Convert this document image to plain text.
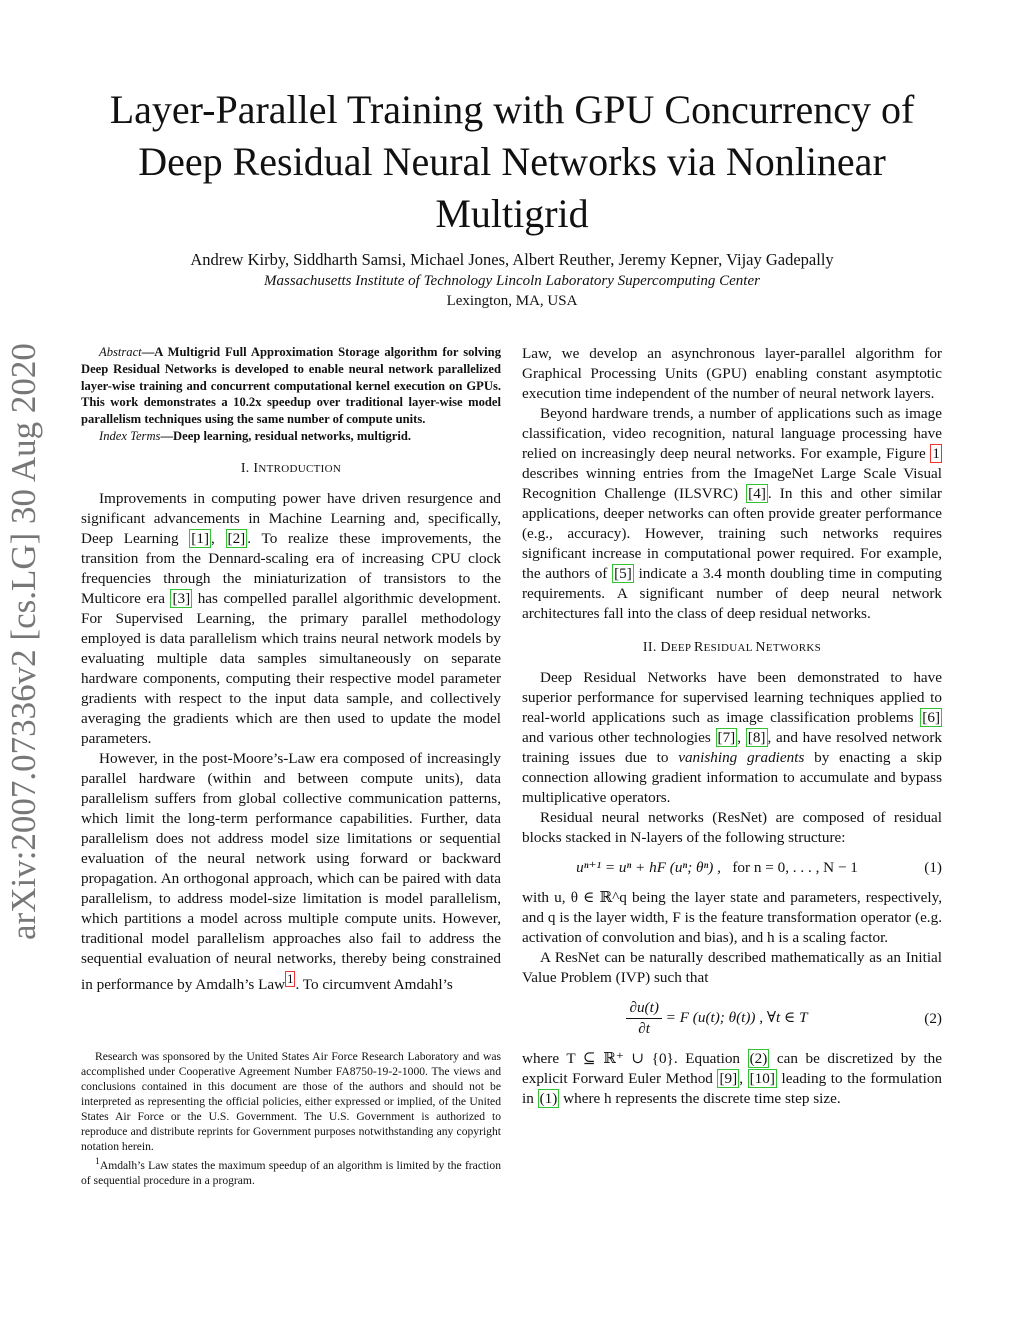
Layer-Parallel Training with GPU Concurrency of
Deep Residual Neural Networks via Nonlinear
Multigrid
Andrew Kirby, Siddharth Samsi, Michael Jones, Albert Reuther, Jeremy Kepner, Vijay Gadepally
Massachusetts Institute of Technology Lincoln Laboratory Supercomputing Center
Lexington, MA, USA
arXiv:2007.07336v2 [cs.LG] 30 Aug 2020	Abstract—A Multigrid Full Approximation Storage algorithm for solving Deep Residual Networks is developed to enable neural network parallelized layer-wise training and concurrent computational kernel execution on GPUs. This work demonstrates a 10.2x speedup over traditional layer-wise model parallelism techniques using the same number of compute units.

Index Terms—Deep learning, residual networks, multigrid.

I. INTRODUCTION

Improvements in computing power have driven resurgence and significant advancements in Machine Learning and, specifically, Deep Learning [1] , [2] . To realize these improvements, the transition from the Dennard-scaling era of increasing CPU clock frequencies through the miniaturization of transistors to the Multicore era [3] has compelled parallel algorithmic development. For Supervised Learning, the primary parallel methodology employed is data parallelism which trains neural network models by evaluating multiple data samples simultaneously on separate hardware components, computing their respective model parameter gradients with respect to the input data sample, and collectively averaging the gradients which are then used to update the model parameters.

However, in the post-Moore’s-Law era composed of increasingly parallel hardware (within and between compute units), data parallelism suffers from global collective communication patterns, which limit the long-term performance capabilities. Further, data parallelism does not address model size limitations or sequential evaluation of the neural network using forward or backward propagation. An orthogonal approach, which can be paired with data parallelism, to address model-size limitation is model parallelism, which partitions a model across multiple compute units. However, traditional model parallelism approaches also fail to address the sequential evaluation of neural networks, thereby being constrained in performance by Amdalh’s Law $^1$ . To circumvent Amdahl’s

Research was sponsored by the United States Air Force Research Laboratory and was accomplished under Cooperative Agreement Number FA8750-19-2-1000. The views and conclusions contained in this document are those of the authors and should not be interpreted as representing the official policies, either expressed or implied, of the United States Air Force or the U.S. Government. The U.S. Government is authorized to reproduce and distribute reprints for Government purposes notwithstanding any copyright notation herein.

$^1$Amdalh’s Law states the maximum speedup of an algorithm is limited by the fraction of sequential procedure in a program.

Law, we develop an asynchronous layer-parallel algorithm for Graphical Processing Units (GPU) enabling constant asymptotic execution time independent of the number of neural network layers.

Beyond hardware trends, a number of applications such as image classification, video recognition, natural language processing have relied on increasingly deep neural networks. For example, Figure 1 describes winning entries from the ImageNet Large Scale Visual Recognition Challenge (ILSVRC) [4] . In this and other similar applications, deeper networks can often provide greater performance (e.g., accuracy). However, training such networks requires significant increase in computational power required. For example, the authors of [5] indicate a 3.4 month doubling time in computing requirements. A significant number of deep neural network architectures fall into the class of deep residual networks.

II. DEEP RESIDUAL NETWORKS

Deep Residual Networks have been demonstrated to have superior performance for supervised learning techniques applied to real-world applications such as image classification problems [6] and various other technologies [7] , [8] , and have resolved network training issues due to vanishing gradients by enacting a skip connection allowing gradient information to accumulate and bypass multiplicative operators.

Residual neural networks (ResNet) are composed of residual blocks stacked in N-layers of the following structure:

uⁿ⁺¹ = uⁿ + hF (uⁿ; θⁿ) , for n = 0, . . . , N − 1	(1)

with u, θ ∈ ℝ^q being the layer state and parameters, respectively, and q is the layer width, F is the feature transformation operator (e.g. activation of convolution and bias), and h is a scaling factor.

A ResNet can be naturally described mathematically as an Initial Value Problem (IVP) such that

$\frac{\partial u(t)}{\partial t} = F$ (u(t); θ(t)) , ∀t ∈ T	(2)

where T ⊆ ℝ⁺ ∪ {0}. Equation (2) can be discretized by the explicit Forward Euler Method [9] , [10] leading to the formulation in (1) where h represents the discrete time step size.
